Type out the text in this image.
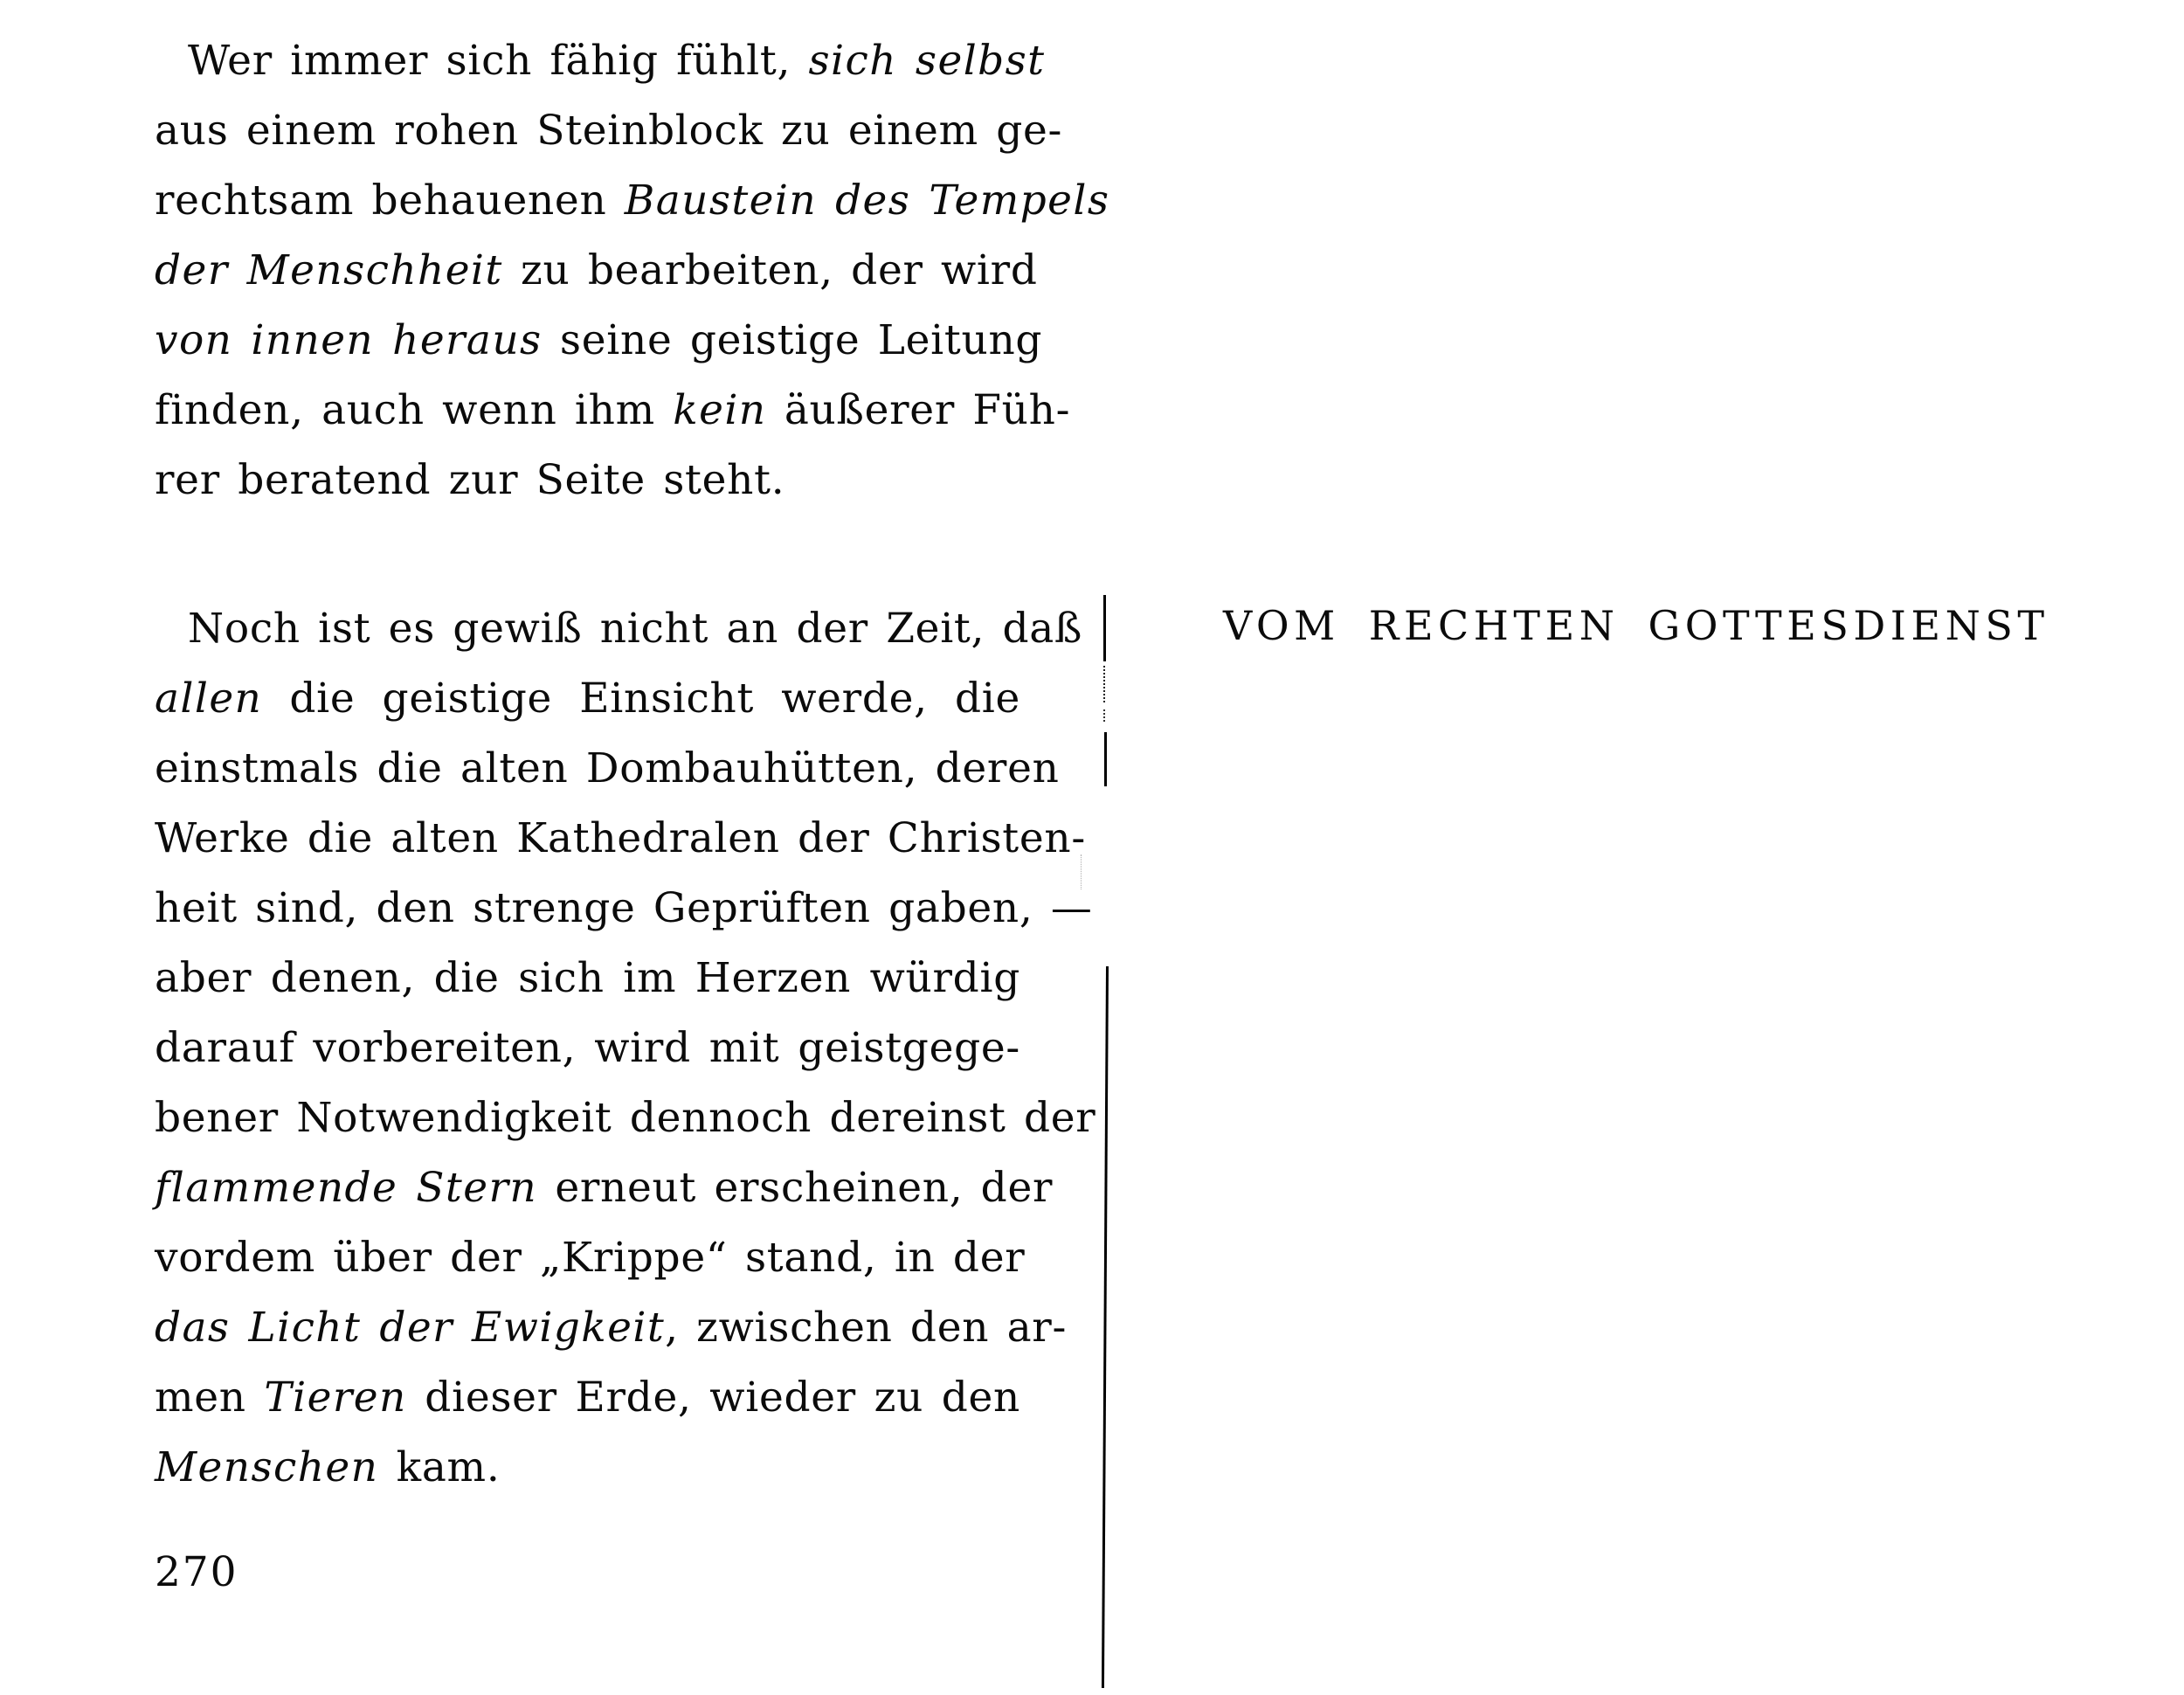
Wer immer sich fähig fühlt, sich selbst
aus einem rohen Steinblock zu einem ge-
rechtsam behauenen Baustein des Tempels
der Menschheit zu bearbeiten, der wird
von innen heraus seine geistige Leitung
finden, auch wenn ihm kein äußerer Füh-
rer beratend zur Seite steht.
Noch ist es gewiß nicht an der Zeit, daß
allen die geistige Einsicht werde, die
einstmals die alten Dombauhütten, deren
Werke die alten Kathedralen der Christen-
heit sind, den strenge Geprüften gaben, —
aber denen, die sich im Herzen würdig
darauf vorbereiten, wird mit geistgege-
bener Notwendigkeit dennoch dereinst der
flammende Stern erneut erscheinen, der
vordem über der „Krippe“ stand, in der
das Licht der Ewigkeit, zwischen den ar-
men Tieren dieser Erde, wieder zu den
Menschen kam.
270
VOM RECHTEN GOTTESDIENST
